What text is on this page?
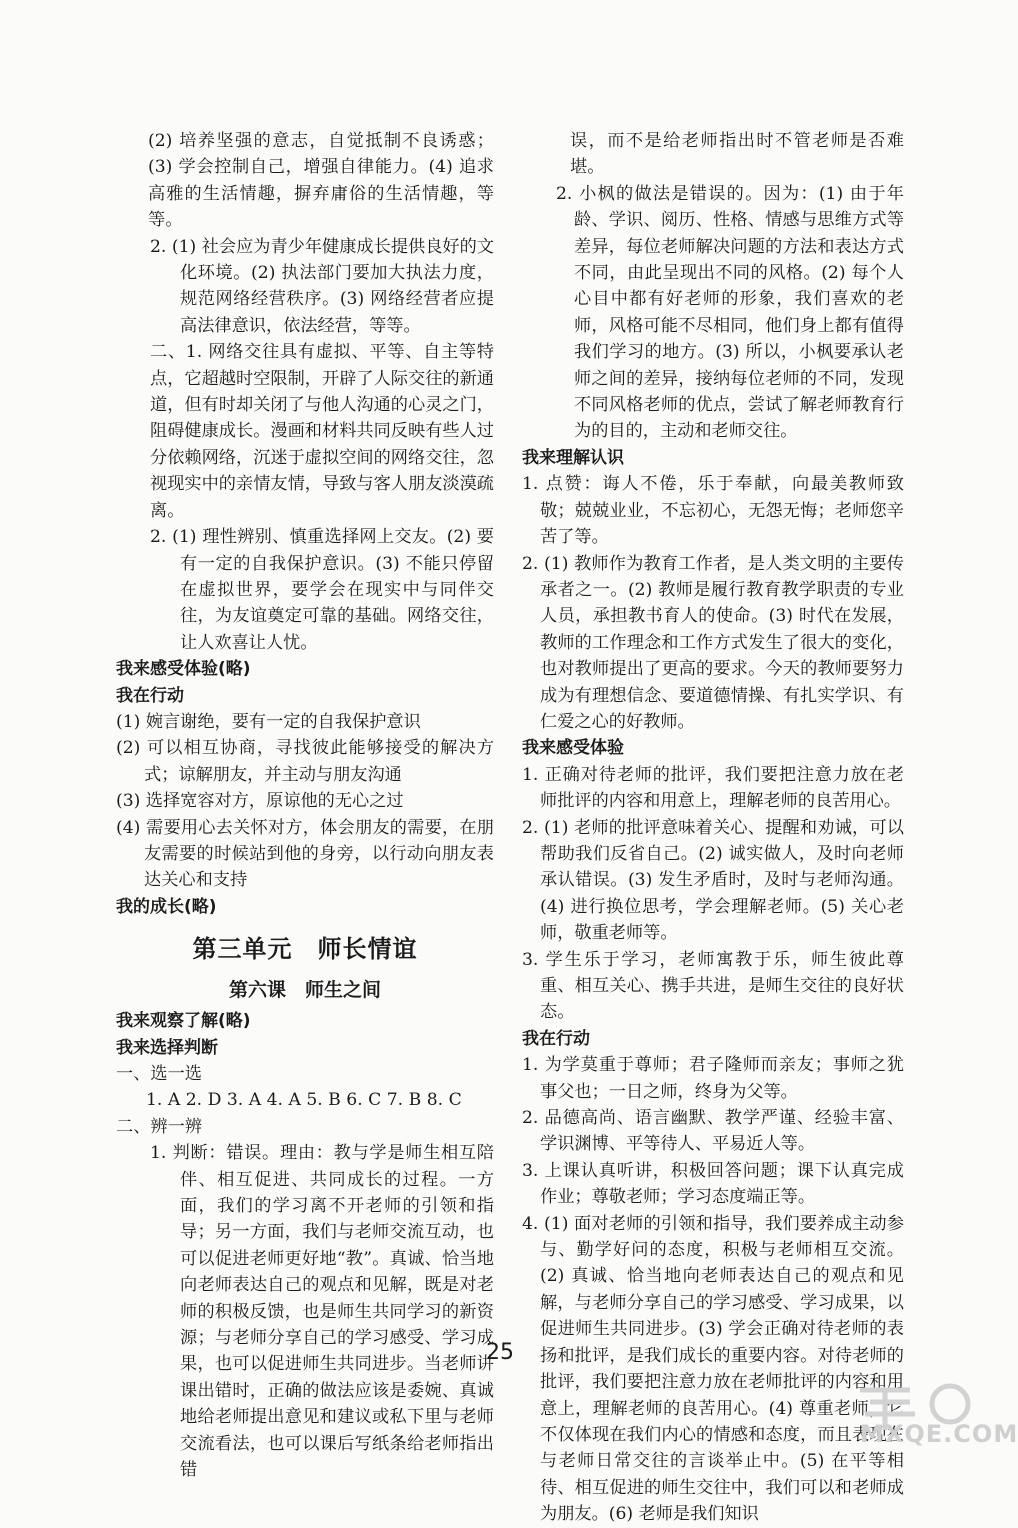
(2) 培养坚强的意志，自觉抵制不良诱惑；(3) 学会控制自己，增强自律能力。(4) 追求高雅的生活情趣，摒弃庸俗的生活情趣，等等。

2. (1) 社会应为青少年健康成长提供良好的文化环境。(2) 执法部门要加大执法力度，规范网络经营秩序。(3) 网络经营者应提高法律意识，依法经营，等等。

二、1. 网络交往具有虚拟、平等、自主等特点，它超越时空限制，开辟了人际交往的新通道，但有时却关闭了与他人沟通的心灵之门，阻碍健康成长。漫画和材料共同反映有些人过分依赖网络，沉迷于虚拟空间的网络交往，忽视现实中的亲情友情，导致与客人朋友淡漠疏离。

2. (1) 理性辨别、慎重选择网上交友。(2) 要有一定的自我保护意识。(3) 不能只停留在虚拟世界，要学会在现实中与同伴交往，为友谊奠定可靠的基础。网络交往，让人欢喜让人忧。

我来感受体验(略)

我在行动

(1) 婉言谢绝，要有一定的自我保护意识

(2) 可以相互协商，寻找彼此能够接受的解决方式；谅解朋友，并主动与朋友沟通

(3) 选择宽容对方，原谅他的无心之过

(4) 需要用心去关怀对方，体会朋友的需要，在朋友需要的时候站到他的身旁，以行动向朋友表达关心和支持

我的成长(略)

第三单元　师长情谊

第六课　师生之间

我来观察了解(略)

我来选择判断

一、选一选

1. A 2. D 3. A 4. A 5. B 6. C 7. B 8. C

二、辨一辨

1. 判断：错误。理由：教与学是师生相互陪伴、相互促进、共同成长的过程。一方面，我们的学习离不开老师的引领和指导；另一方面，我们与老师交流互动，也可以促进老师更好地“教”。真诚、恰当地向老师表达自己的观点和见解，既是对老师的积极反馈，也是师生共同学习的新资源；与老师分享自己的学习感受、学习成果，也可以促进师生共同进步。当老师讲课出错时，正确的做法应该是委婉、真诚地给老师提出意见和建议或私下里与老师交流看法，也可以课后写纸条给老师指出错

误，而不是给老师指出时不管老师是否难堪。

2. 小枫的做法是错误的。因为：(1) 由于年龄、学识、阅历、性格、情感与思维方式等差异，每位老师解决问题的方法和表达方式不同，由此呈现出不同的风格。(2) 每个人心目中都有好老师的形象，我们喜欢的老师，风格可能不尽相同，他们身上都有值得我们学习的地方。(3) 所以，小枫要承认老师之间的差异，接纳每位老师的不同，发现不同风格老师的优点，尝试了解老师教育行为的目的，主动和老师交往。

我来理解认识

1. 点赞：诲人不倦，乐于奉献，向最美教师致敬；兢兢业业，不忘初心，无怨无悔；老师您辛苦了等。

2. (1) 教师作为教育工作者，是人类文明的主要传承者之一。(2) 教师是履行教育教学职责的专业人员，承担教书育人的使命。(3) 时代在发展，教师的工作理念和工作方式发生了很大的变化，也对教师提出了更高的要求。今天的教师要努力成为有理想信念、要道德情操、有扎实学识、有仁爱之心的好教师。

我来感受体验

1. 正确对待老师的批评，我们要把注意力放在老师批评的内容和用意上，理解老师的良苦用心。

2. (1) 老师的批评意味着关心、提醒和劝诫，可以帮助我们反省自己。(2) 诚实做人，及时向老师承认错误。(3) 发生矛盾时，及时与老师沟通。(4) 进行换位思考，学会理解老师。(5) 关心老师，敬重老师等。

3. 学生乐于学习，老师寓教于乐，师生彼此尊重、相互关心、携手共进，是师生交往的良好状态。

我在行动

1. 为学莫重于尊师；君子隆师而亲友；事师之犹事父也；一日之师，终身为父等。

2. 品德高尚、语言幽默、教学严谨、经验丰富、学识渊博、平等待人、平易近人等。

3. 上课认真听讲，积极回答问题；课下认真完成作业；尊敬老师；学习态度端正等。

4. (1) 面对老师的引领和指导，我们要养成主动参与、勤学好问的态度，积极与老师相互交流。(2) 真诚、恰当地向老师表达自己的观点和见解，与老师分享自己的学习感受、学习成果，以促进师生共同进步。(3) 学会正确对待老师的表扬和批评，是我们成长的重要内容。对待老师的批评，我们要把注意力放在老师批评的内容和用意上，理解老师的良苦用心。(4) 尊重老师，它不仅体现在我们内心的情感和态度，而且表现在与老师日常交往的言谈举止中。(5) 在平等相待、相互促进的师生交往中，我们可以和老师成为朋友。(6) 老师是我们知识

25
MXQE.COM
